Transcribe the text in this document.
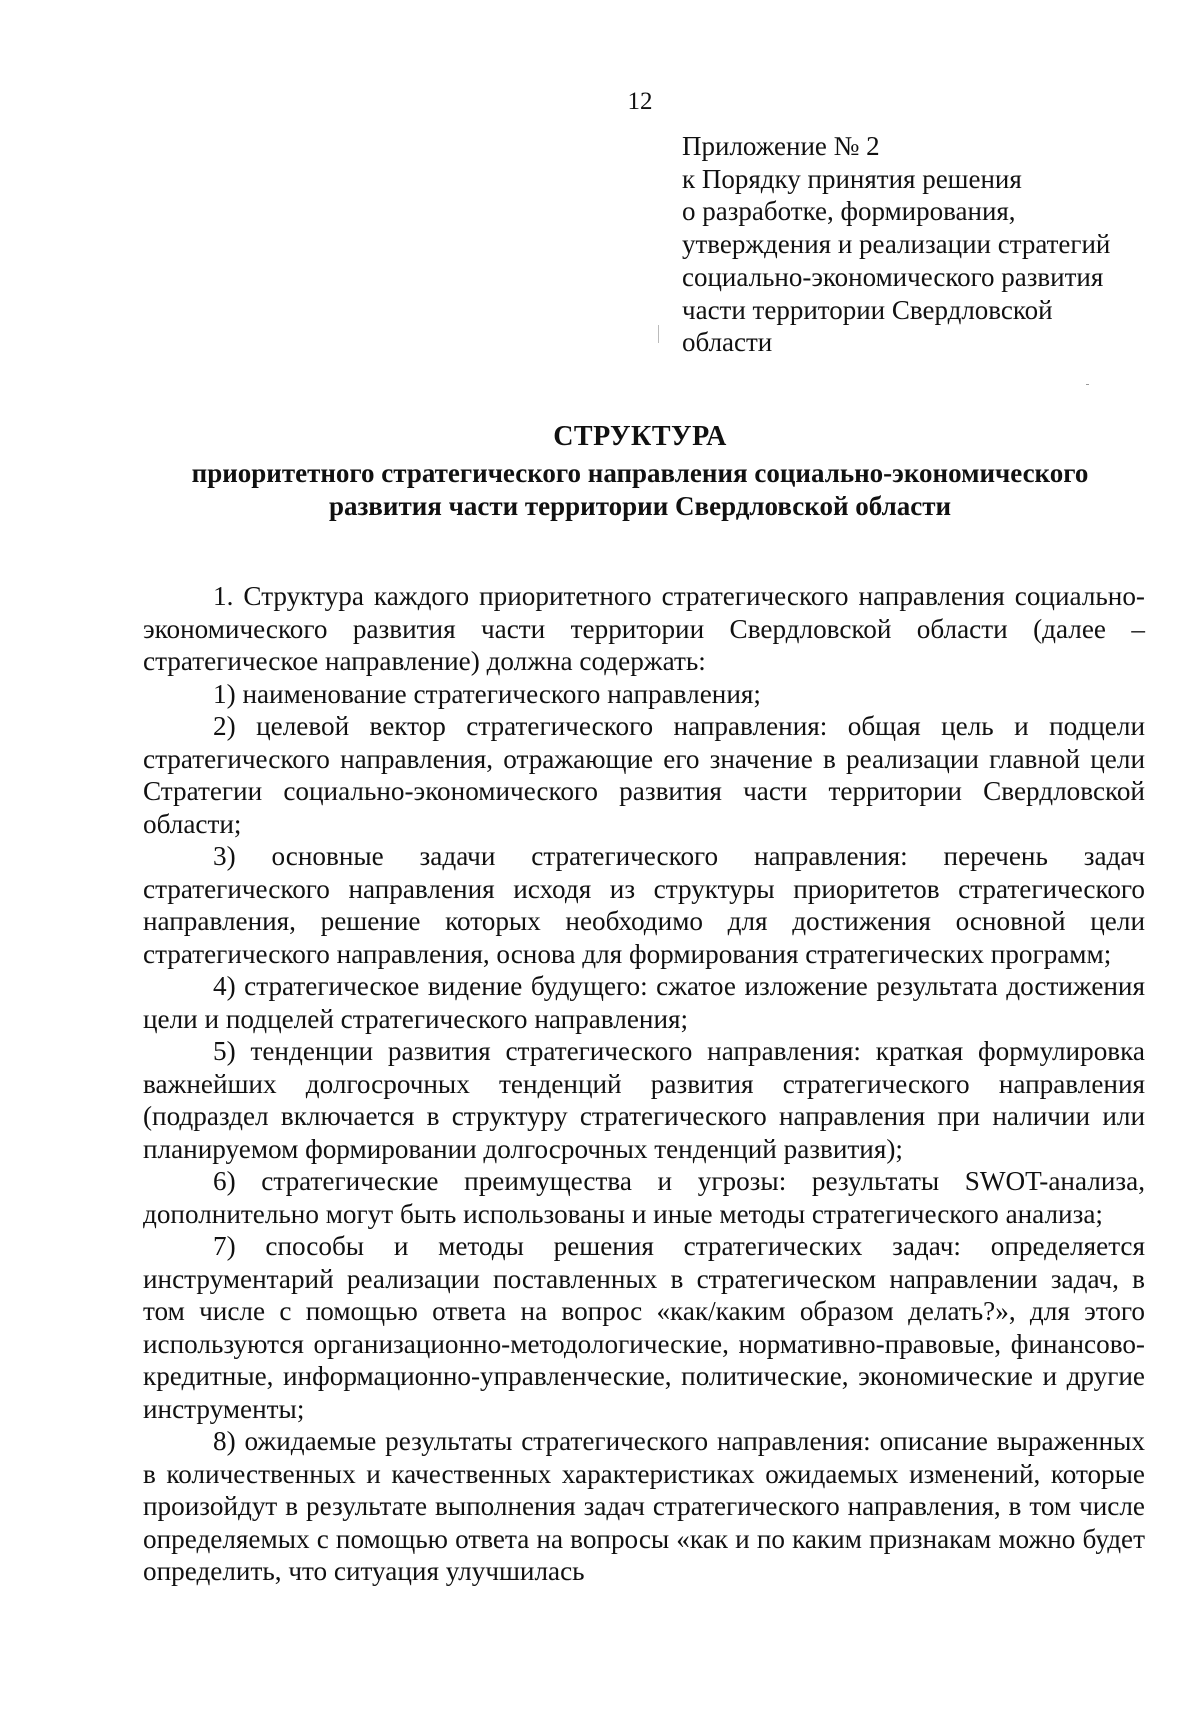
12
Приложение № 2
к Порядку принятия решения
о разработке, формирования,
утверждения и реализации стратегий
социально-экономического развития
части территории Свердловской
области
СТРУКТУРА
приоритетного стратегического направления социально-экономического развития части территории Свердловской области

1. Структура каждого приоритетного стратегического направления социально-экономического развития части территории Свердловской области (далее – стратегическое направление) должна содержать:

1) наименование стратегического направления;

2) целевой вектор стратегического направления: общая цель и подцели стратегического направления, отражающие его значение в реализации главной цели Стратегии социально-экономического развития части территории Свердловской области;

3) основные задачи стратегического направления: перечень задач стратегического направления исходя из структуры приоритетов стратегического направления, решение которых необходимо для достижения основной цели стратегического направления, основа для формирования стратегических программ;

4) стратегическое видение будущего: сжатое изложение результата достижения цели и подцелей стратегического направления;

5) тенденции развития стратегического направления: краткая формулировка важнейших долгосрочных тенденций развития стратегического направления (подраздел включается в структуру стратегического направления при наличии или планируемом формировании долгосрочных тенденций развития);

6) стратегические преимущества и угрозы: результаты SWOT-анализа, дополнительно могут быть использованы и иные методы стратегического анализа;

7) способы и методы решения стратегических задач: определяется инструментарий реализации поставленных в стратегическом направлении задач, в том числе с помощью ответа на вопрос «как/каким образом делать?», для этого используются организационно-методологические, нормативно-правовые, финансово-кредитные, информационно-управленческие, политические, экономические и другие инструменты;

8) ожидаемые результаты стратегического направления: описание выраженных в количественных и качественных характеристиках ожидаемых изменений, которые произойдут в результате выполнения задач стратегического направления, в том числе определяемых с помощью ответа на вопросы «как и по каким признакам можно будет определить, что ситуация улучшилась
